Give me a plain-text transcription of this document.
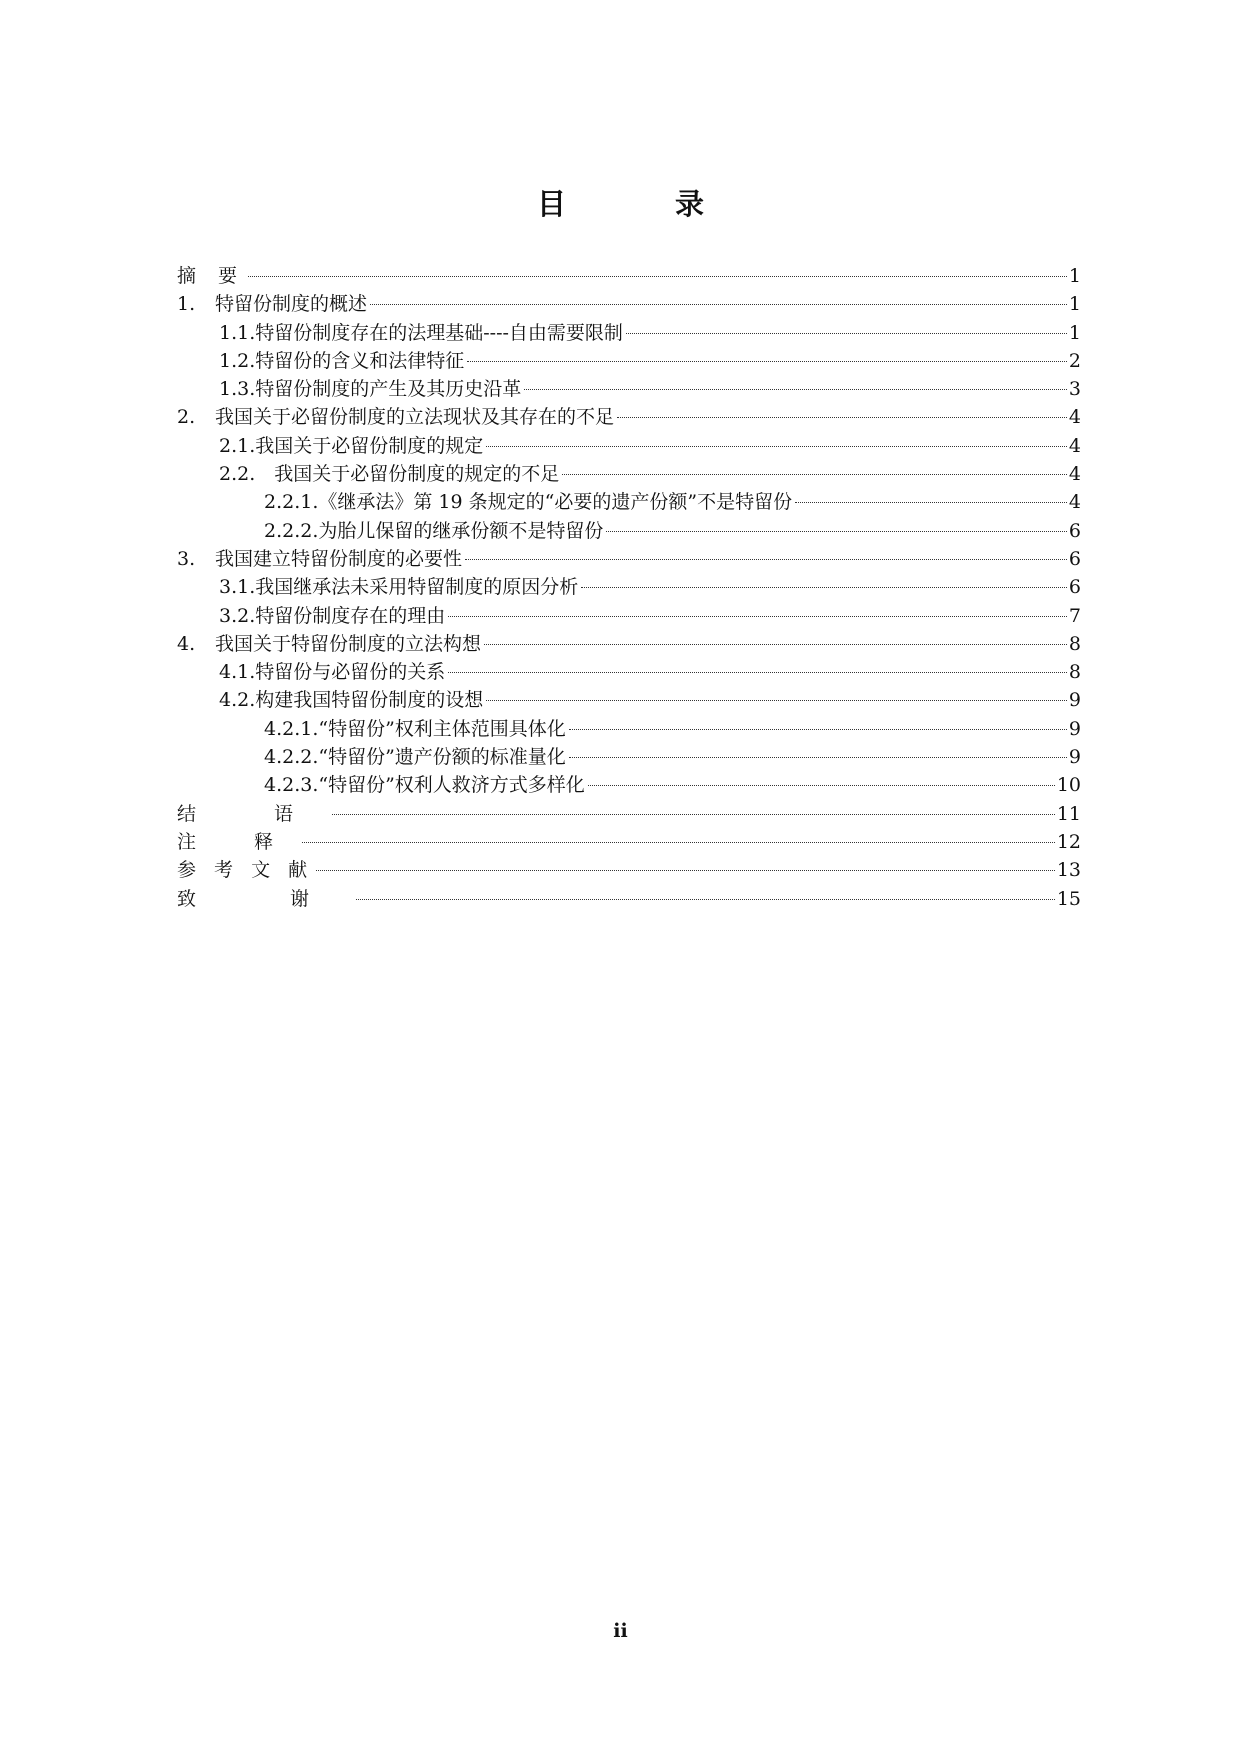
目　录
摘 要	1
1.	特留份制度的概述	1
1.1.特留份制度存在的法理基础----自由需要限制	1
1.2.特留份的含义和法律特征	2
1.3.特留份制度的产生及其历史沿革	3
2.	我国关于必留份制度的立法现状及其存在的不足	4
2.1.我国关于必留份制度的规定	4
2.2.　我国关于必留份制度的规定的不足	4
2.2.1.《继承法》第 19 条规定的“必要的遗产份额”不是特留份	4
2.2.2.为胎儿保留的继承份额不是特留份	6
3.	我国建立特留份制度的必要性	6
3.1.我国继承法未采用特留制度的原因分析	6
3.2.特留份制度存在的理由	7
4.	我国关于特留份制度的立法构想	8
4.1.特留份与必留份的关系	8
4.2.构建我国特留份制度的设想	9
4.2.1.“特留份”权利主体范围具体化	9
4.2.2.“特留份”遗产份额的标准量化	9
4.2.3.“特留份”权利人救济方式多样化	10
结 语	11
注 释	12
参 考 文 献	13
致 谢	15
ii
